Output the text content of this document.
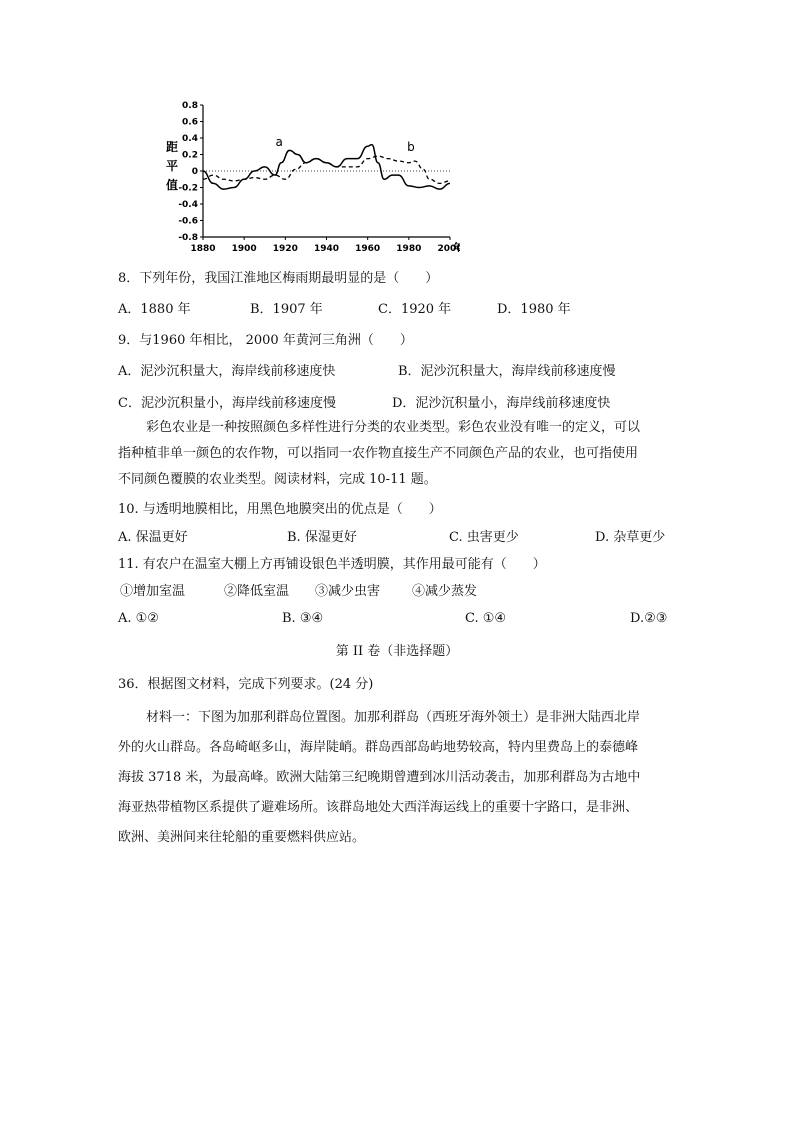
0.8
0.6
0.4
0.2
0
-0.2
-0.4
-0.6
-0.8
1880 1900 1920 1940 1960 1980 2000
年
距
平
值
a	b
8．下列年份，我国江淮地区梅雨期最明显的是（　　）
A．1880 年	B．1907 年	C．1920 年	D．1980 年
9．与1960 年相比， 2000 年黄河三角洲（　　）
A．泥沙沉积量大，海岸线前移速度快	B．泥沙沉积量大，海岸线前移速度慢
C．泥沙沉积量小，海岸线前移速度慢	D．泥沙沉积量小，海岸线前移速度快
彩色农业是一种按照颜色多样性进行分类的农业类型。彩色农业没有唯一的定义，可以
指种植非单一颜色的农作物，可以指同一农作物直接生产不同颜色产品的农业，也可指使用
不同颜色覆膜的农业类型。阅读材料，完成 10-11 题。
10. 与透明地膜相比，用黑色地膜突出的优点是（　　）
A. 保温更好	B. 保湿更好	C. 虫害更少	D. 杂草更少
11. 有农户在温室大棚上方再铺设银色半透明膜，其作用最可能有（　　）
①增加室温	②降低室温 ③减少虫害 ④减少蒸发
A. ①②	B. ③④	C. ①④	D.②③
第 II 卷（非选择题）
36．根据图文材料，完成下列要求。(24 分)
材料一：下图为加那利群岛位置图。加那利群岛（西班牙海外领土）是非洲大陆西北岸
外的火山群岛。各岛崎岖多山，海岸陡峭。群岛西部岛屿地势较高，特内里费岛上的泰德峰
海拔 3718 米，为最高峰。欧洲大陆第三纪晚期曾遭到冰川活动袭击，加那利群岛为古地中
海亚热带植物区系提供了避难场所。该群岛地处大西洋海运线上的重要十字路口，是非洲、
欧洲、美洲间来往轮船的重要燃料供应站。
